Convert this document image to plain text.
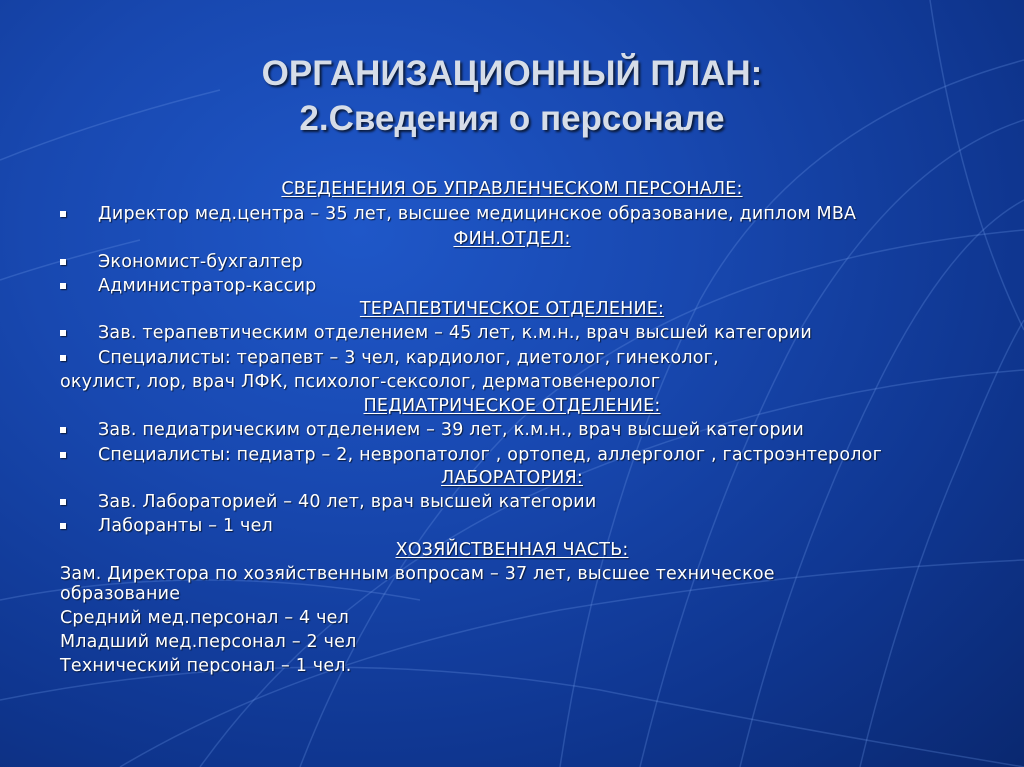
ОРГАНИЗАЦИОННЫЙ ПЛАН:
2.Сведения о персонале
СВЕДЕНЕНИЯ ОБ УПРАВЛЕНЧЕСКОМ ПЕРСОНАЛЕ:
Директор мед.центра – 35 лет, высшее медицинское образование, диплом МВА
ФИН.ОТДЕЛ:
Экономист-бухгалтер
Администратор-кассир
ТЕРАПЕВТИЧЕСКОЕ ОТДЕЛЕНИЕ:
Зав. терапевтическим отделением – 45 лет, к.м.н., врач высшей категории
Специалисты: терапевт – 3 чел, кардиолог, диетолог, гинеколог,
окулист, лор, врач ЛФК, психолог-сексолог, дерматовенеролог
ПЕДИАТРИЧЕСКОЕ ОТДЕЛЕНИЕ:
Зав. педиатрическим отделением – 39 лет, к.м.н., врач высшей категории
Специалисты: педиатр – 2, невропатолог , ортопед, аллерголог , гастроэнтеролог
ЛАБОРАТОРИЯ:
Зав. Лабораторией – 40 лет, врач высшей категории
Лаборанты – 1 чел
ХОЗЯЙСТВЕННАЯ ЧАСТЬ:
Зам. Директора по хозяйственным вопросам – 37 лет, высшее техническое
образование
Средний мед.персонал – 4 чел
Младший мед.персонал – 2 чел
Технический персонал – 1 чел.
